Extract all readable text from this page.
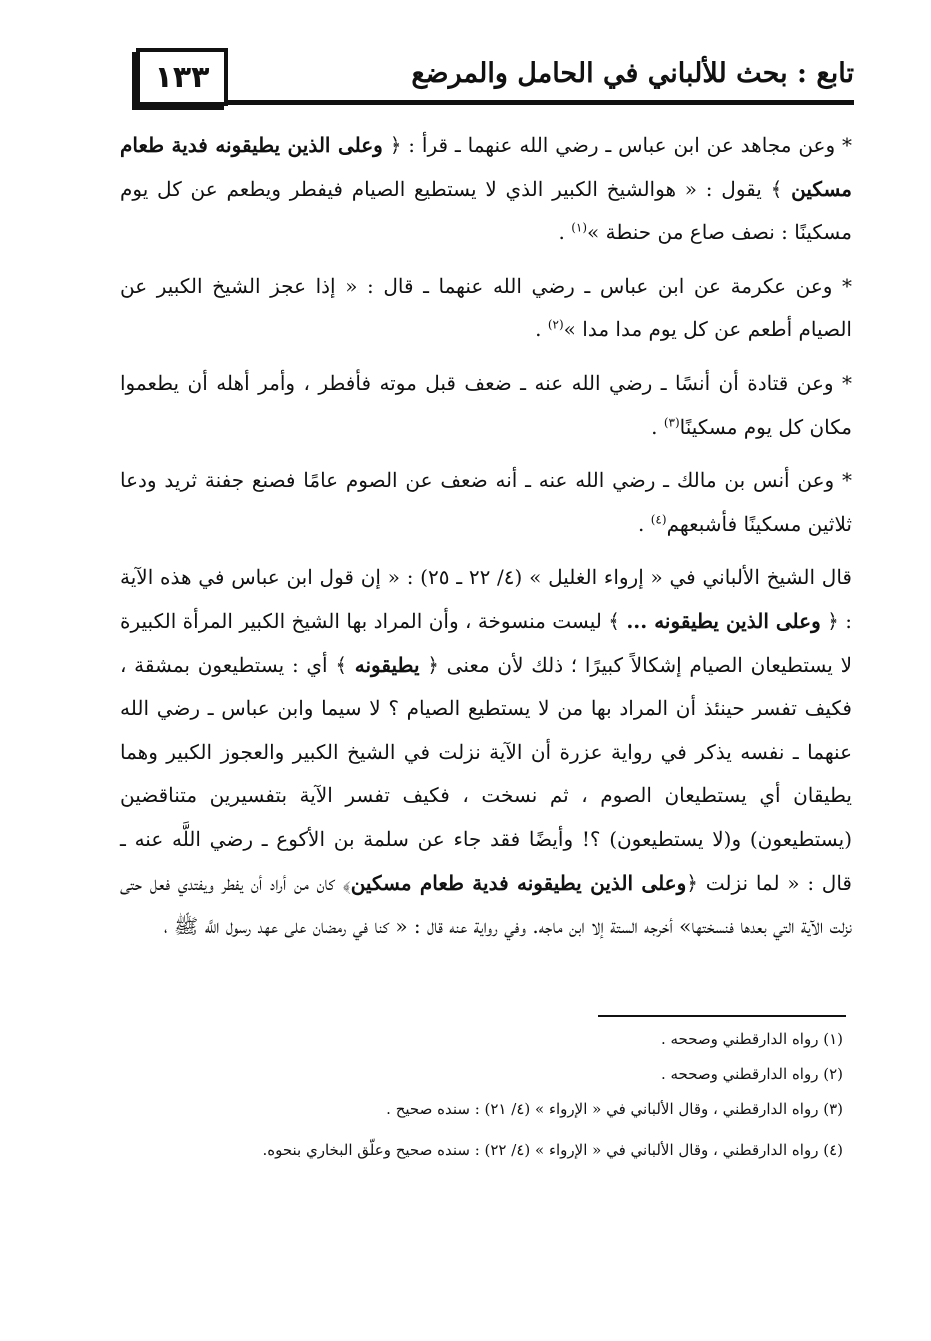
١٣٣	تابع : بحث للألباني في الحامل والمرضع

* وعن مجاهد عن ابن عباس ـ رضي الله عنهما ـ قرأ : ﴿ وعلى الذين يطيقونه فدية طعام مسكين ﴾ يقول : « هوالشيخ الكبير الذي لا يستطيع الصيام فيفطر ويطعم عن كل يوم مسكينًا : نصف صاع من حنطة »$^{(١)}$ .

* وعن عكرمة عن ابن عباس ـ رضي الله عنهما ـ قال : « إذا عجز الشيخ الكبير عن الصيام أطعم عن كل يوم مدا مدا »$^{(٢)}$ .

* وعن قتادة أن أنسًا ـ رضي الله عنه ـ ضعف قبل موته فأفطر ، وأمر أهله أن يطعموا مكان كل يوم مسكينًا$^{(٣)}$ .

* وعن أنس بن مالك ـ رضي الله عنه ـ أنه ضعف عن الصوم عامًا فصنع جفنة ثريد ودعا ثلاثين مسكينًا فأشبعهم$^{(٤)}$ .

قال الشيخ الألباني في « إرواء الغليل » (٤/ ٢٢ ـ ٢٥) : « إن قول ابن عباس في هذه الآية : ﴿ وعلى الذين يطيقونه ... ﴾ ليست منسوخة ، وأن المراد بها الشيخ الكبير المرأة الكبيرة لا يستطيعان الصيام إشكالاً كبيرًا ؛ ذلك لأن معنى ﴿ يطيقونه ﴾ أي : يستطيعون بمشقة ، فكيف تفسر حينئذ أن المراد بها من لا يستطيع الصيام ؟ لا سيما وابن عباس ـ رضي الله عنهما ـ نفسه يذكر في رواية عزرة أن الآية نزلت في الشيخ الكبير والعجوز الكبير وهما يطيقان أي يستطيعان الصوم ، ثم نسخت ، فكيف تفسر الآية بتفسيرين متناقضين (يستطيعون) و(لا يستطيعون) ؟! وأيضًا فقد جاء عن سلمة بن الأكوع ـ رضي اللَّه عنه ـ قال : « لما نزلت ﴿وعلى الذين يطيقونه فدية طعام مسكين﴾ كان من أراد أن يفطر ويفتدي فعل حتى نزلت الآية التي بعدها فنسختها» أخرجه الستة إلا ابن ماجه. وفي رواية عنه قال : « كنا في رمضان على عهد رسول اللَّه ﷺ ،

(١) رواه الدارقطني وصححه .

(٢) رواه الدارقطني وصححه .

(٣) رواه الدارقطني ، وقال الألباني في « الإرواء » (٤/ ٢١) : سنده صحيح .

(٤) رواه الدارقطني ، وقال الألباني في « الإرواء » (٤/ ٢٢) : سنده صحيح وعلّق البخاري بنحوه.
